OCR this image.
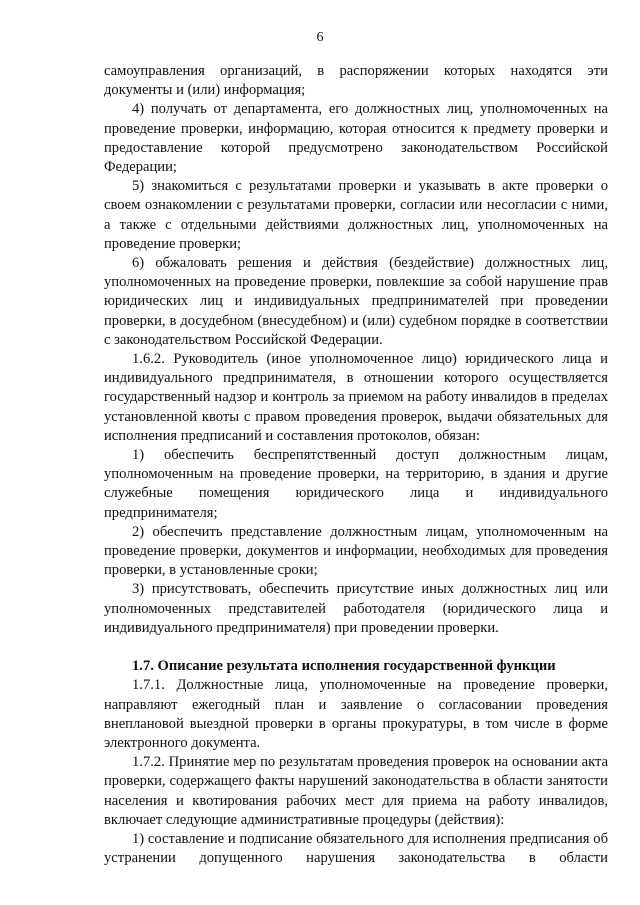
6

самоуправления организаций, в распоряжении которых находятся эти документы и (или) информация;

4) получать от департамента, его должностных лиц, уполномоченных на проведение проверки, информацию, которая относится к предмету проверки и предоставление которой предусмотрено законодательством Российской Федерации;

5) знакомиться с результатами проверки и указывать в акте проверки о своем ознакомлении с результатами проверки, согласии или несогласии с ними, а также с отдельными действиями должностных лиц, уполномоченных на проведение проверки;

6) обжаловать решения и действия (бездействие) должностных лиц, уполномоченных на проведение проверки, повлекшие за собой нарушение прав юридических лиц и индивидуальных предпринимателей при проведении проверки, в досудебном (внесудебном) и (или) судебном порядке в соответствии с законодательством Российской Федерации.

1.6.2. Руководитель (иное уполномоченное лицо) юридического лица и индивидуального предпринимателя, в отношении которого осуществляется государственный надзор и контроль за приемом на работу инвалидов в пределах установленной квоты с правом проведения проверок, выдачи обязательных для исполнения предписаний и составления протоколов, обязан:

1) обеспечить беспрепятственный доступ должностным лицам, уполномоченным на проведение проверки, на территорию, в здания и другие служебные помещения юридического лица и индивидуального предпринимателя;

2) обеспечить представление должностным лицам, уполномоченным на проведение проверки, документов и информации, необходимых для проведения проверки, в установленные сроки;

3) присутствовать, обеспечить присутствие иных должностных лиц или уполномоченных представителей работодателя (юридического лица и индивидуального предпринимателя) при проведении проверки.

1.7. Описание результата исполнения государственной функции

1.7.1. Должностные лица, уполномоченные на проведение проверки, направляют ежегодный план и заявление о согласовании проведения внеплановой выездной проверки в органы прокуратуры, в том числе в форме электронного документа.

1.7.2. Принятие мер по результатам проведения проверок на основании акта проверки, содержащего факты нарушений законодательства в области занятости населения и квотирования рабочих мест для приема на работу инвалидов, включает следующие административные процедуры (действия):

1) составление и подписание обязательного для исполнения предписания об устранении допущенного нарушения законодательства в области
